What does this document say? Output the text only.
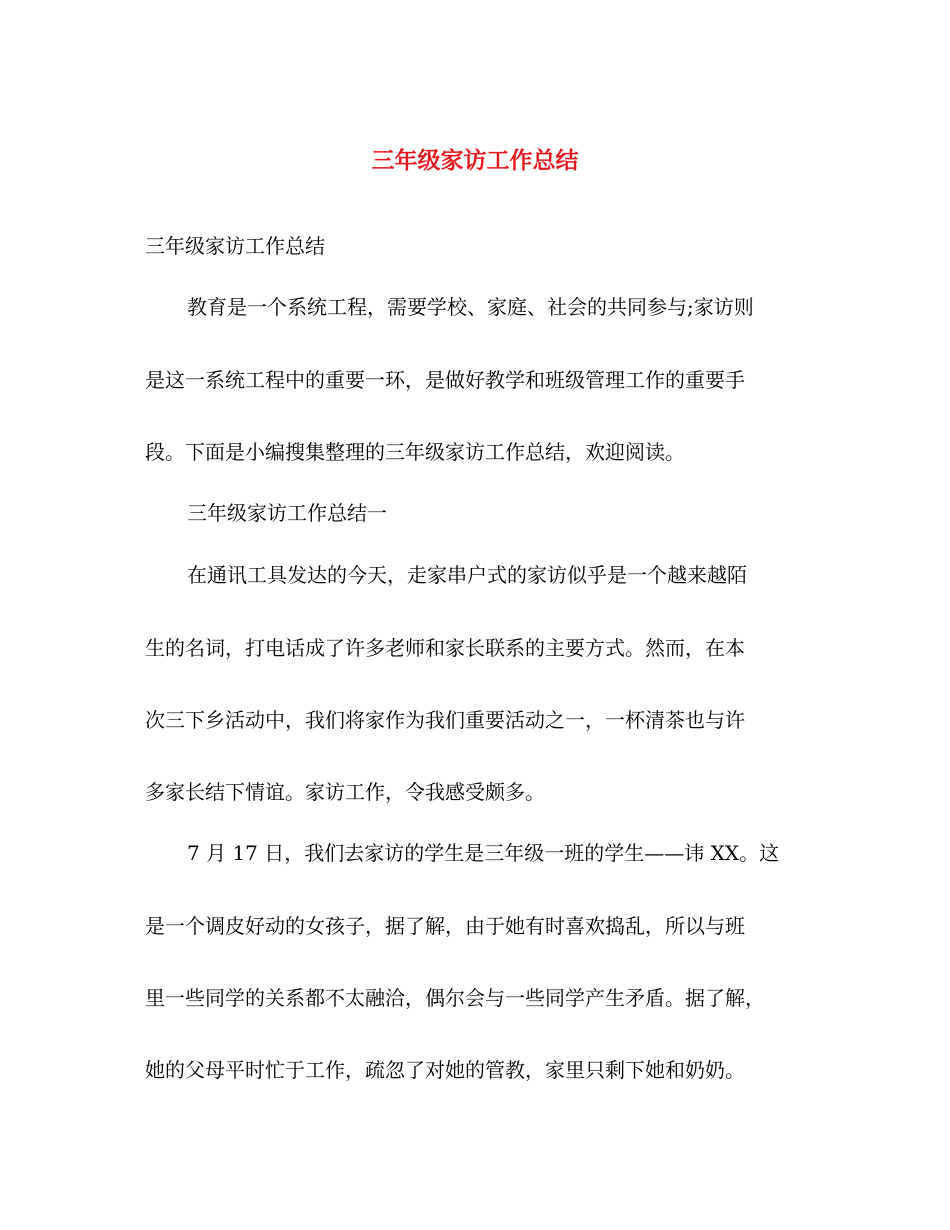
三年级家访工作总结
三年级家访工作总结
教育是一个系统工程，需要学校、家庭、社会的共同参与;家访则
是这一系统工程中的重要一环，是做好教学和班级管理工作的重要手
段。下面是小编搜集整理的三年级家访工作总结，欢迎阅读。
三年级家访工作总结一
在通讯工具发达的今天，走家串户式的家访似乎是一个越来越陌
生的名词，打电话成了许多老师和家长联系的主要方式。然而，在本
次三下乡活动中，我们将家作为我们重要活动之一，一杯清茶也与许
多家长结下情谊。家访工作，令我感受颇多。
7 月 17 日，我们去家访的学生是三年级一班的学生——讳 XX。这
是一个调皮好动的女孩子，据了解，由于她有时喜欢捣乱，所以与班
里一些同学的关系都不太融洽，偶尔会与一些同学产生矛盾。据了解，
她的父母平时忙于工作，疏忽了对她的管教，家里只剩下她和奶奶。
